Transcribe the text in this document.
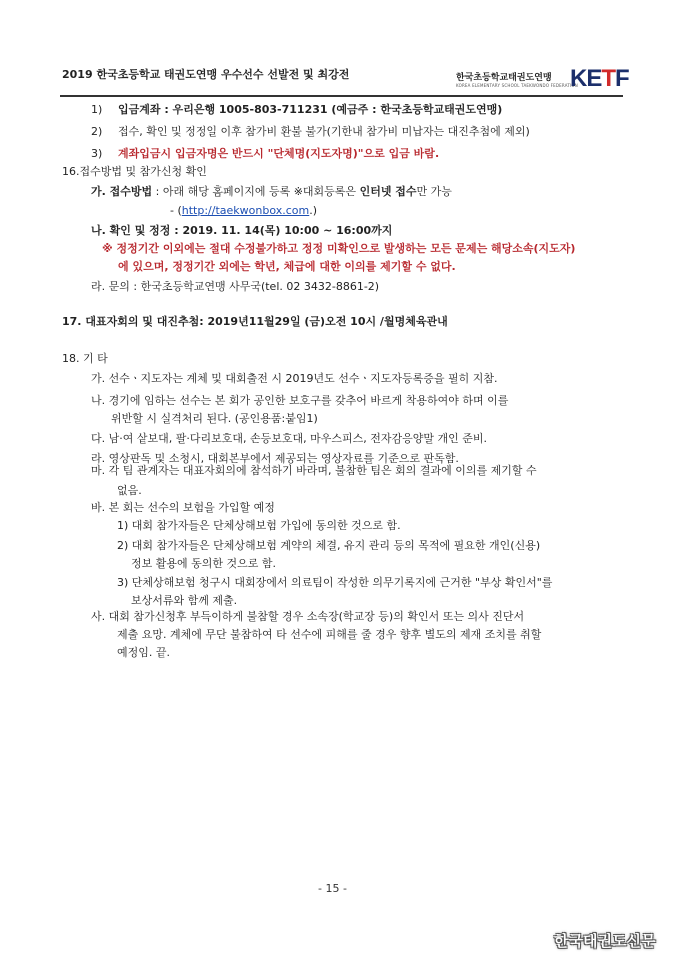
2019 한국초등학교 태권도연맹 우수선수 선발전 및 최강전	한국초등학교태권도연맹
KOREA ELEMENTARY SCHOOL TAEKWONDO FEDERATION
KETF
1) 입금계좌 : 우리은행 1005-803-711231 (예금주 : 한국초등학교태권도연맹)
2) 접수, 확인 및 정정일 이후 참가비 환불 불가(기한내 참가비 미납자는 대진추첨에 제외)
3) 계좌입금시 입금자명은 반드시 "단체명(지도자명)"으로 입금 바람.
16.접수방법 및 참가신청 확인
가. 접수방법 : 아래 해당 홈페이지에 등록 ※대회등록은 인터넷 접수만 가능
- (http://taekwonbox.com.)
나. 확인 및 정정 : 2019. 11. 14(목) 10:00 ~ 16:00까지
※ 정정기간 이외에는 절대 수정불가하고 정정 미확인으로 발생하는 모든 문제는 해당소속(지도자)
에 있으며, 정정기간 외에는 학년, 체급에 대한 이의를 제기할 수 없다.
라. 문의 : 한국초등학교연맹 사무국(tel. 02 3432-8861-2)
17. 대표자회의 및 대진추첨: 2019년11월29일 (금)오전 10시 /월명체육관내
18. 기 타
가. 선수ㆍ지도자는 계체 및 대회출전 시 2019년도 선수ㆍ지도자등록증을 필히 지참.
나. 경기에 임하는 선수는 본 회가 공인한 보호구를 갖추어 바르게 착용하여야 하며 이를
위반할 시 실격처리 된다. (공인용품:붙임1)
다. 남·여 샅보대, 팔·다리보호대, 손등보호대, 마우스피스, 전자감응양말 개인 준비.
라. 영상판독 및 소청시, 대회본부에서 제공되는 영상자료를 기준으로 판독함.
마. 각 팀 관계자는 대표자회의에 참석하기 바라며, 불참한 팀은 회의 결과에 이의를 제기할 수
없음.
바. 본 회는 선수의 보험을 가입할 예정
1) 대회 참가자들은 단체상해보험 가입에 동의한 것으로 함.
2) 대회 참가자들은 단체상해보험 계약의 체결, 유지 관리 등의 목적에 필요한 개인(신용)
정보 활용에 동의한 것으로 함.
3) 단체상해보험 청구시 대회장에서 의료팀이 작성한 의무기록지에 근거한 "부상 확인서"를
보상서류와 함께 제출.
사. 대회 참가신청후 부득이하게 불참할 경우 소속장(학교장 등)의 확인서 또는 의사 진단서
제출 요망. 계체에 무단 불참하여 타 선수에 피해를 줄 경우 향후 별도의 제재 조치를 취할
예정임. 끝.
- 15 -
한국태권도신문
